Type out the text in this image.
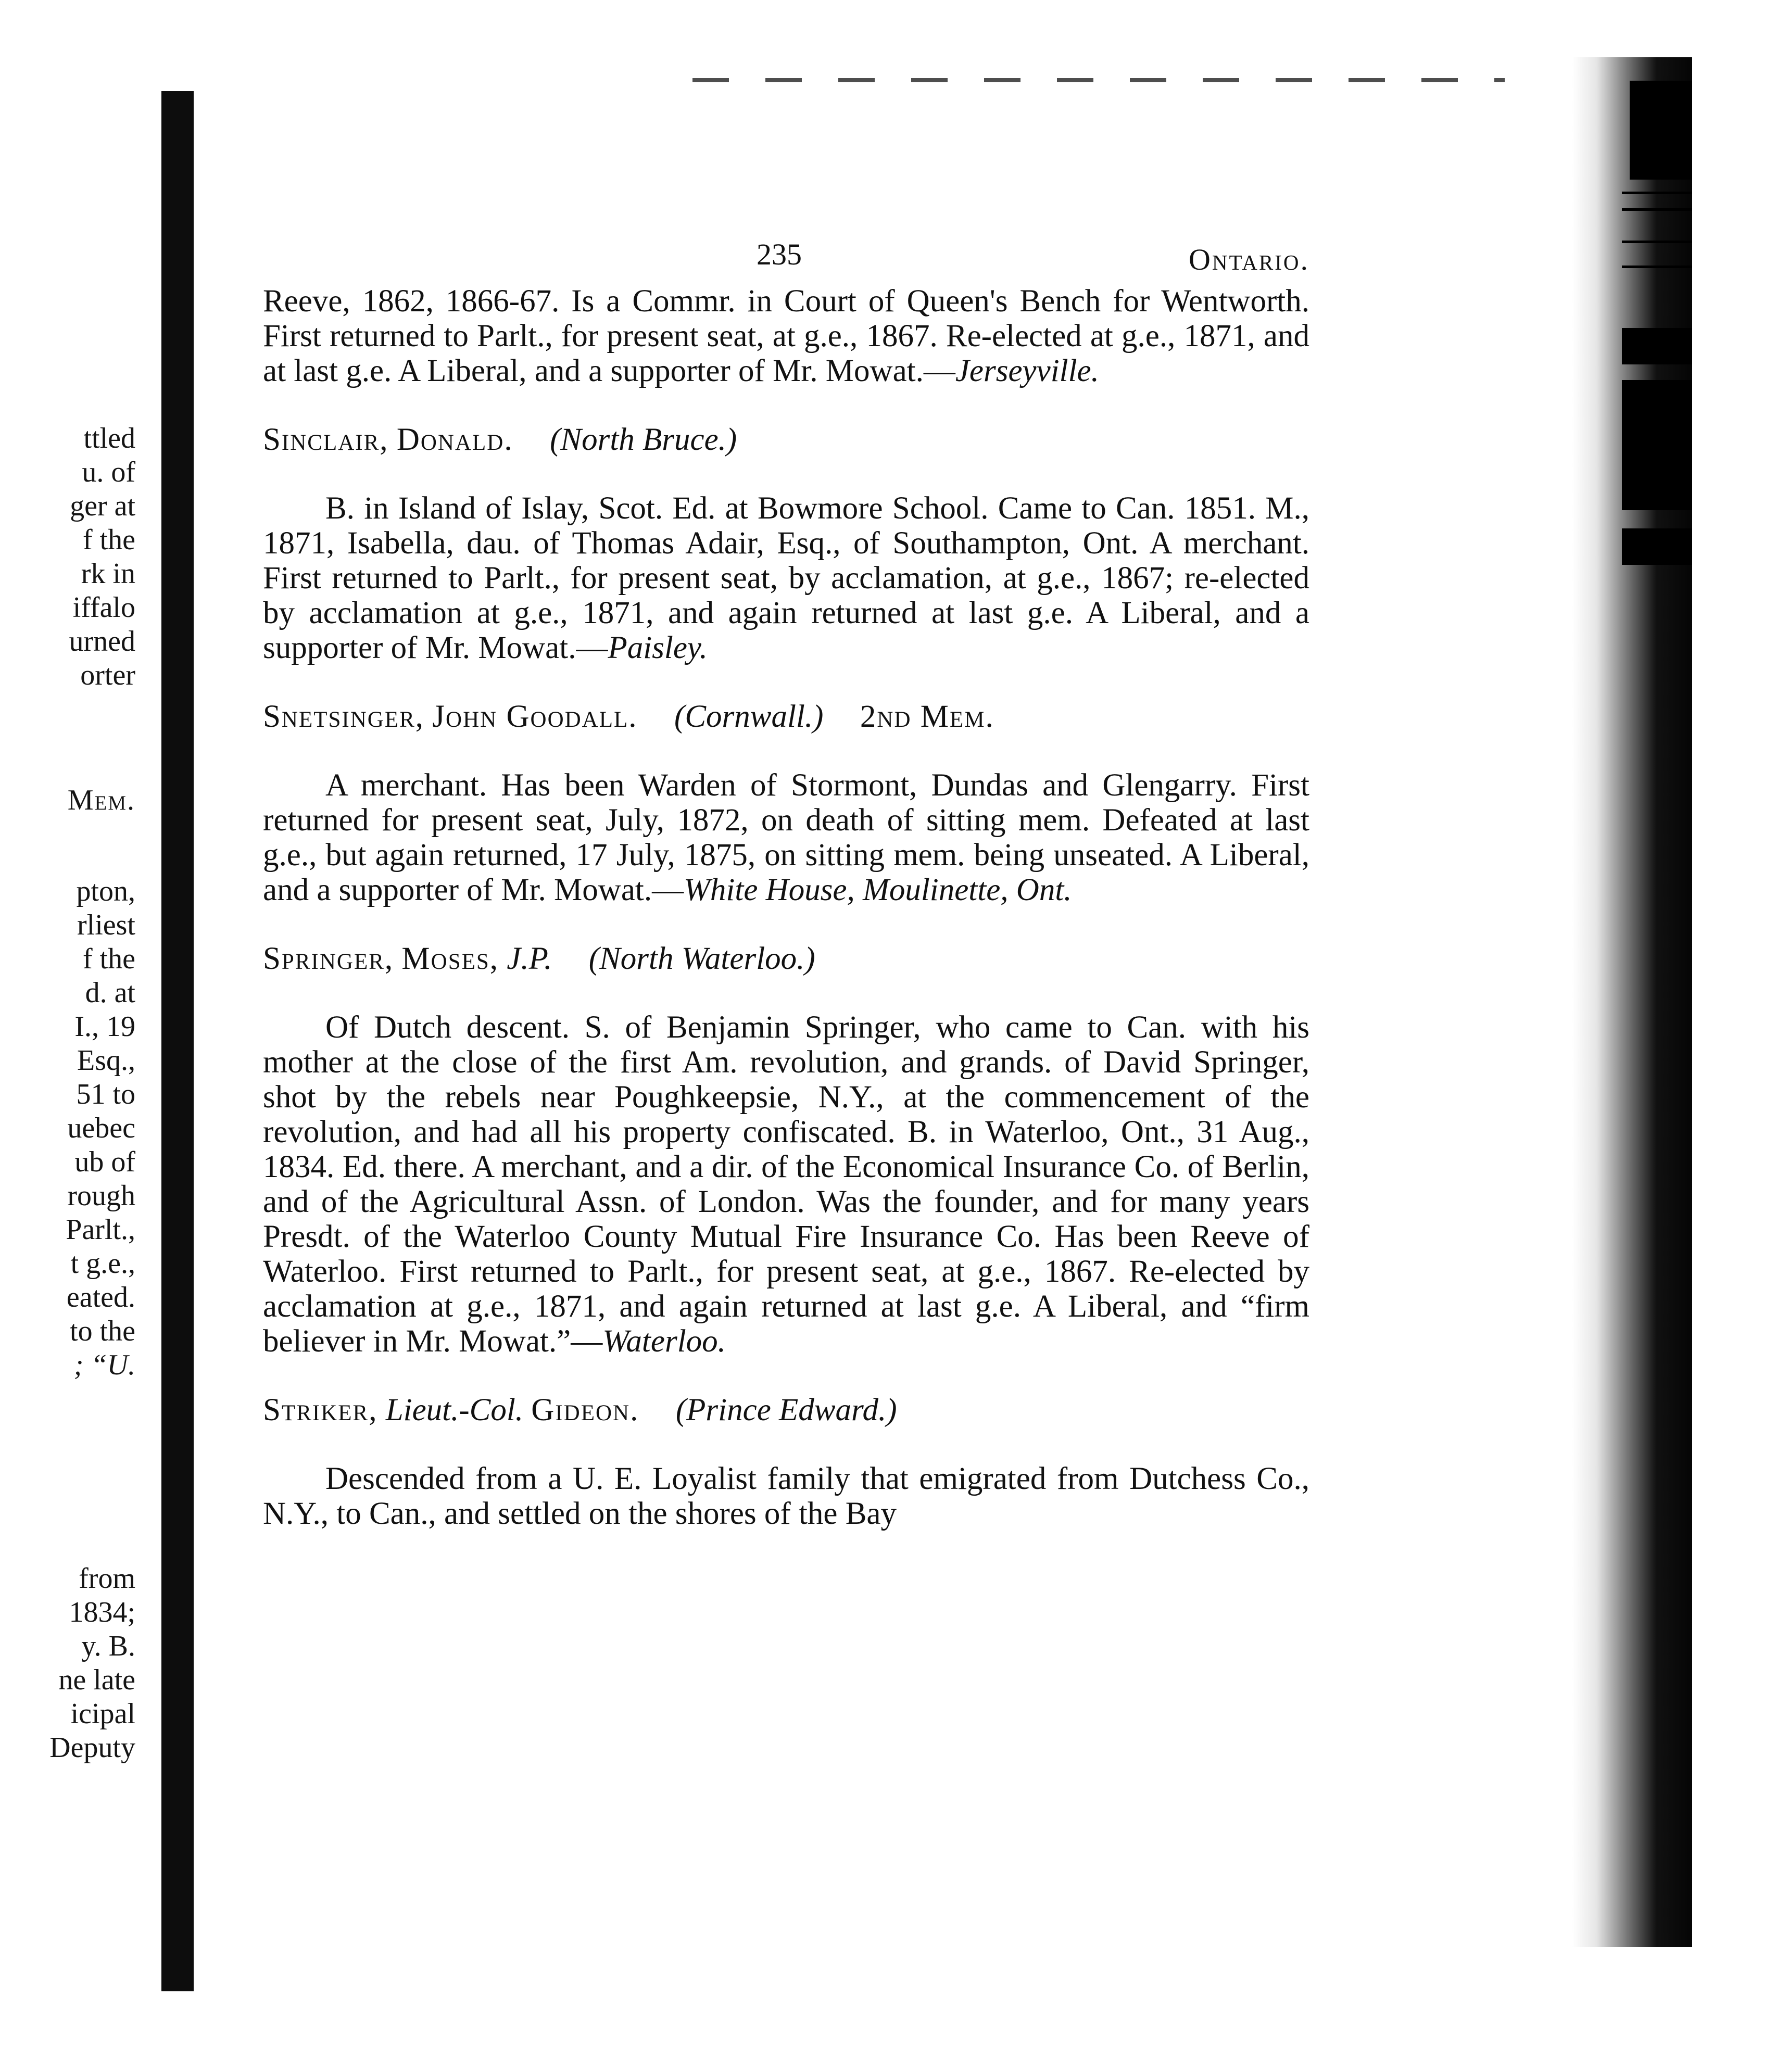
ttled
u. of
ger at
f the
rk in
iffalo
urned
orter
Mem.
pton,
rliest
f the
d. at
I., 19
Esq.,
51 to
uebec
ub of
rough
Parlt.,
t g.e.,
eated.
to the
; “U.
from
1834;
y. B.
ne late
icipal
Deputy
235	Ontario.

Reeve, 1862, 1866-67. Is a Commr. in Court of Queen's Bench for Wentworth. First returned to Parlt., for present seat, at g.e., 1867. Re-elected at g.e., 1871, and at last g.e. A Liberal, and a supporter of Mr. Mowat.—Jerseyville.

Sinclair, Donald. (North Bruce.)

B. in Island of Islay, Scot. Ed. at Bowmore School. Came to Can. 1851. M., 1871, Isabella, dau. of Thomas Adair, Esq., of Southampton, Ont. A merchant. First returned to Parlt., for present seat, by acclamation, at g.e., 1867; re-elected by acclamation at g.e., 1871, and again returned at last g.e. A Liberal, and a supporter of Mr. Mowat.—Paisley.

Snetsinger, John Goodall. (Cornwall.) 2nd Mem.

A merchant. Has been Warden of Stormont, Dundas and Glengarry. First returned for present seat, July, 1872, on death of sitting mem. Defeated at last g.e., but again returned, 17 July, 1875, on sitting mem. being unseated. A Liberal, and a supporter of Mr. Mowat.—White House, Moulinette, Ont.

Springer, Moses, J.P. (North Waterloo.)

Of Dutch descent. S. of Benjamin Springer, who came to Can. with his mother at the close of the first Am. revolution, and grands. of David Springer, shot by the rebels near Poughkeepsie, N.Y., at the commencement of the revolution, and had all his property confiscated. B. in Waterloo, Ont., 31 Aug., 1834. Ed. there. A merchant, and a dir. of the Economical Insurance Co. of Berlin, and of the Agricultural Assn. of London. Was the founder, and for many years Presdt. of the Waterloo County Mutual Fire Insurance Co. Has been Reeve of Waterloo. First returned to Parlt., for present seat, at g.e., 1867. Re-elected by acclamation at g.e., 1871, and again returned at last g.e. A Liberal, and “firm believer in Mr. Mowat.”—Waterloo.

Striker, Lieut.-Col. Gideon. (Prince Edward.)

Descended from a U. E. Loyalist family that emigrated from Dutchess Co., N.Y., to Can., and settled on the shores of the Bay
